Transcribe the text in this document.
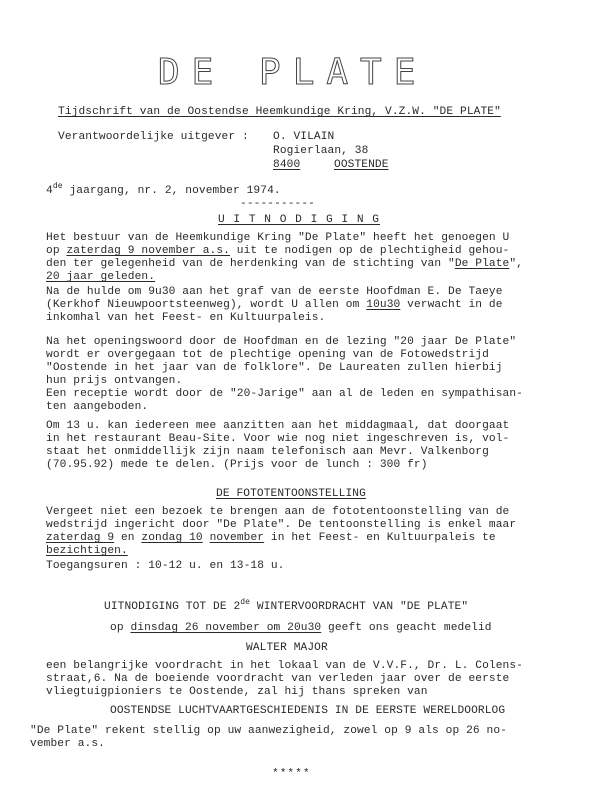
DE PLATE
Tijdschrift van de Oostendse Heemkundige Kring, V.Z.W. "DE PLATE"
Verantwoordelijke uitgever : O. VILAIN
Rogierlaan, 38
8400	OOSTENDE
4de jaargang, nr. 2, november 1974.
-----------
U I T N O D I G I N G
Het bestuur van de Heemkundige Kring "De Plate" heeft het genoegen U
op zaterdag 9 november a.s. uit te nodigen op de plechtigheid gehou-
den ter gelegenheid van de herdenking van de stichting van "De Plate",
20 jaar geleden.
Na de hulde om 9u30 aan het graf van de eerste Hoofdman E. De Taeye
(Kerkhof Nieuwpoortsteenweg), wordt U allen om 10u30 verwacht in de
inkomhal van het Feest- en Kultuurpaleis.
Na het openingswoord door de Hoofdman en de lezing "20 jaar De Plate"
wordt er overgegaan tot de plechtige opening van de Fotowedstrijd
"Oostende in het jaar van de folklore". De Laureaten zullen hierbij
hun prijs ontvangen.
Een receptie wordt door de "20-Jarige" aan al de leden en sympathisan-
ten aangeboden.
Om 13 u. kan iedereen mee aanzitten aan het middagmaal, dat doorgaat
in het restaurant Beau-Site. Voor wie nog niet ingeschreven is, vol-
staat het onmiddellijk zijn naam telefonisch aan Mevr. Valkenborg
(70.95.92) mede te delen. (Prijs voor de lunch : 300 fr)
DE FOTOTENTOONSTELLING
Vergeet niet een bezoek te brengen aan de fototentoonstelling van de
wedstrijd ingericht door "De Plate". De tentoonstelling is enkel maar
zaterdag 9 en zondag 10 november in het Feest- en Kultuurpaleis te
bezichtigen.
Toegangsuren : 10-12 u. en 13-18 u.
UITNODIGING TOT DE 2de WINTERVOORDRACHT VAN "DE PLATE"
op dinsdag 26 november om 20u30 geeft ons geacht medelid
WALTER MAJOR
een belangrijke voordracht in het lokaal van de V.V.F., Dr. L. Colens-
straat,6. Na de boeiende voordracht van verleden jaar over de eerste
vliegtuigpioniers te Oostende, zal hij thans spreken van
OOSTENDSE LUCHTVAARTGESCHIEDENIS IN DE EERSTE WERELDOORLOG
"De Plate" rekent stellig op uw aanwezigheid, zowel op 9 als op 26 no-
vember a.s.
*****
